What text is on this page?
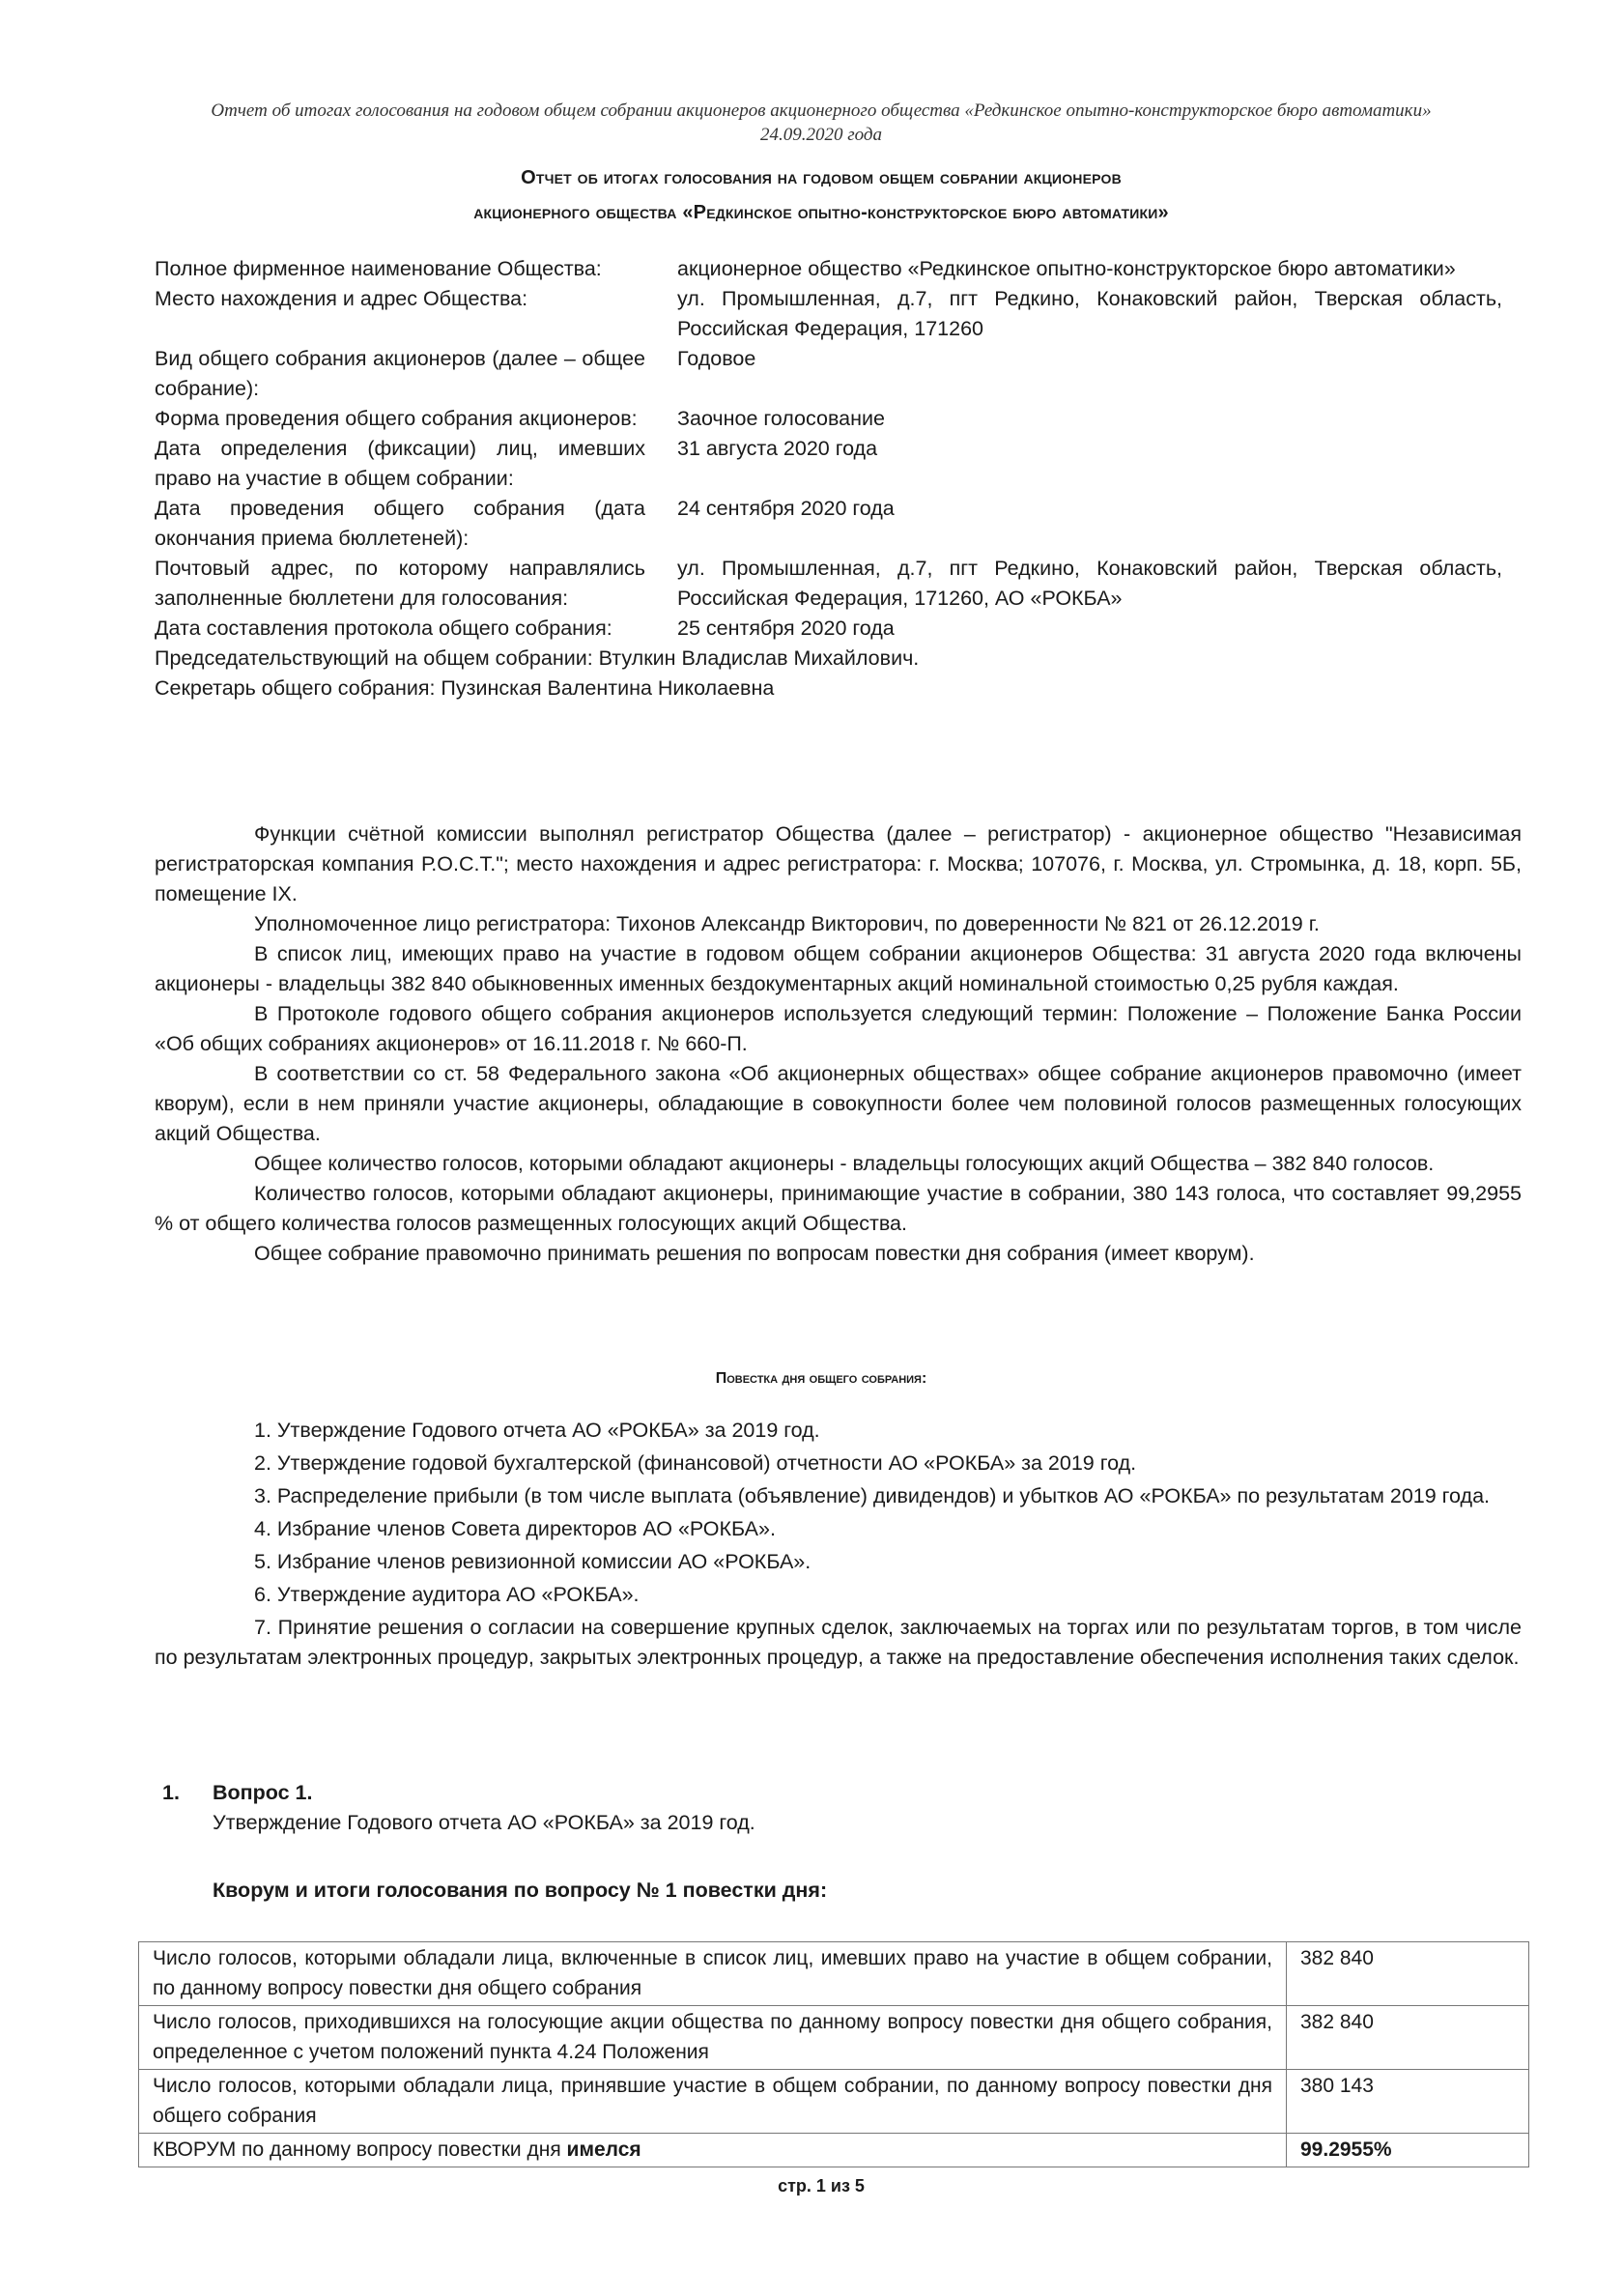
Отчет об итогах голосования на годовом общем собрании акционеров акционерного общества «Редкинское опытно-конструкторское бюро автоматики»
24.09.2020 года
Отчет об итогах голосования на годовом общем собрании акционеров
акционерного общества «Редкинское опытно-конструкторское бюро автоматики»
Полное фирменное наименование Общества:	акционерное общество «Редкинское опытно-конструкторское бюро автоматики»
Место нахождения и адрес Общества:	ул. Промышленная, д.7, пгт Редкино, Конаковский район, Тверская область, Российская Федерация, 171260
Вид общего собрания акционеров (далее – общее собрание):
Годовое
Форма проведения общего собрания акционеров:	Заочное голосование
Дата определения (фиксации) лиц, имевших право на участие в общем собрании:
31 августа 2020 года
Дата проведения общего собрания (дата окончания приема бюллетеней):
24 сентября 2020 года
Почтовый адрес, по которому направлялись заполненные бюллетени для голосования:
ул. Промышленная, д.7, пгт Редкино, Конаковский район, Тверская область, Российская Федерация, 171260, АО «РОКБА»
Дата составления протокола общего собрания:	25 сентября 2020 года
Председательствующий на общем собрании: Втулкин Владислав Михайлович.
Секретарь общего собрания: Пузинская Валентина Николаевна

Функции счётной комиссии выполнял регистратор Общества (далее – регистратор) - акционерное общество "Независимая регистраторская компания Р.О.С.Т."; место нахождения и адрес регистратора: г. Москва; 107076, г. Москва, ул. Стромынка, д. 18, корп. 5Б, помещение IX.

Уполномоченное лицо регистратора: Тихонов Александр Викторович, по доверенности № 821 от 26.12.2019 г.

В список лиц, имеющих право на участие в годовом общем собрании акционеров Общества: 31 августа 2020 года включены акционеры - владельцы 382 840 обыкновенных именных бездокументарных акций номинальной стоимостью 0,25 рубля каждая.

В Протоколе годового общего собрания акционеров используется следующий термин: Положение – Положение Банка России «Об общих собраниях акционеров» от 16.11.2018 г. № 660-П.

В соответствии со ст. 58 Федерального закона «Об акционерных обществах» общее собрание акционеров правомочно (имеет кворум), если в нем приняли участие акционеры, обладающие в совокупности более чем половиной голосов размещенных голосующих акций Общества.

Общее количество голосов, которыми обладают акционеры - владельцы голосующих акций Общества – 382 840 голосов.

Количество голосов, которыми обладают акционеры, принимающие участие в собрании, 380 143 голоса, что составляет 99,2955 % от общего количества голосов размещенных голосующих акций Общества.

Общее собрание правомочно принимать решения по вопросам повестки дня собрания (имеет кворум).

Повестка дня общего собрания:

1. Утверждение Годового отчета АО «РОКБА» за 2019 год.

2. Утверждение годовой бухгалтерской (финансовой) отчетности АО «РОКБА» за 2019 год.

3. Распределение прибыли (в том числе выплата (объявление) дивидендов) и убытков АО «РОКБА» по результатам 2019 года.

4. Избрание членов Совета директоров АО «РОКБА».

5. Избрание членов ревизионной комиссии АО «РОКБА».

6. Утверждение аудитора АО «РОКБА».

7. Принятие решения о согласии на совершение крупных сделок, заключаемых на торгах или по результатам торгов, в том числе по результатам электронных процедур, закрытых электронных процедур, а также на предоставление обеспечения исполнения таких сделок.

1. Вопрос 1.
Утверждение Годового отчета АО «РОКБА» за 2019 год.
Кворум и итоги голосования по вопросу № 1 повестки дня:
Число голосов, которыми обладали лица, включенные в список лиц, имевших право на участие в общем собрании, по данному вопросу повестки дня общего собрания	382 840
Число голосов, приходившихся на голосующие акции общества по данному вопросу повестки дня общего собрания, определенное с учетом положений пункта 4.24 Положения	382 840
Число голосов, которыми обладали лица, принявшие участие в общем собрании, по данному вопросу повестки дня общего собрания	380 143
КВОРУМ по данному вопросу повестки дня имелся	99.2955%
стр. 1 из 5
